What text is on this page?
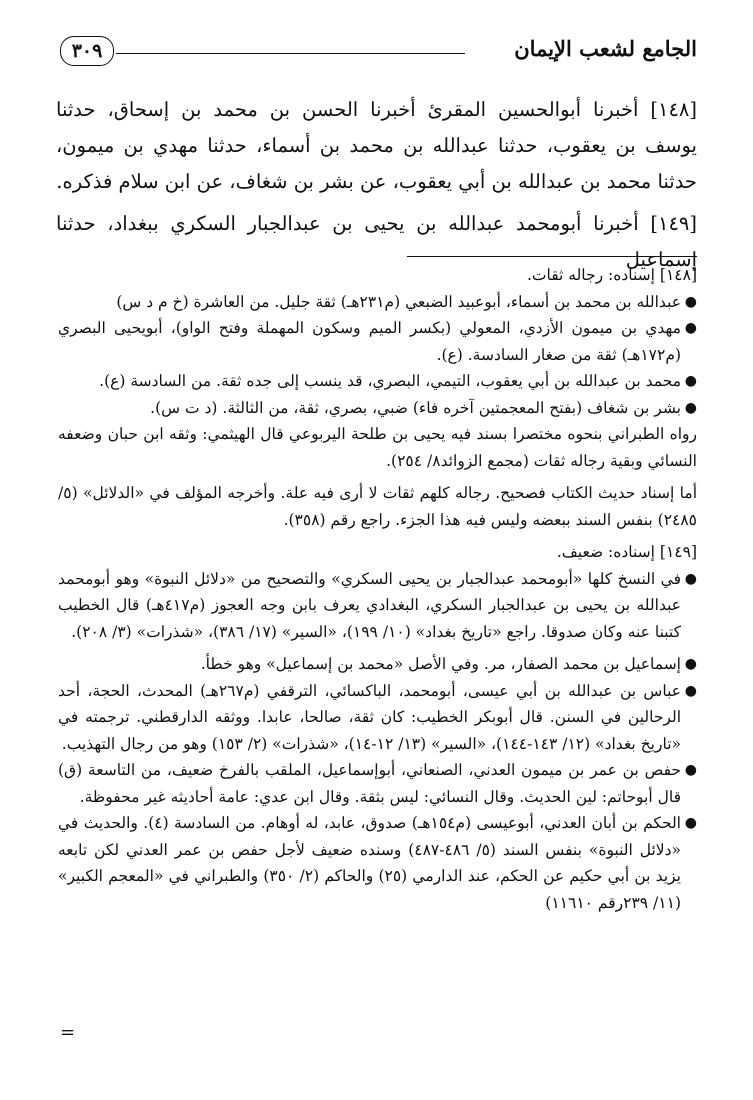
الجامع لشعب الإيمان
٣٠٩

[١٤٨] أخبرنا أبوالحسين المقرئ أخبرنا الحسن بن محمد بن إسحاق، حدثنا يوسف بن يعقوب، حدثنا عبدالله بن محمد بن أسماء، حدثنا مهدي بن ميمون، حدثنا محمد بن عبدالله بن أبي يعقوب، عن بشر بن شغاف، عن ابن سلام فذكره.

[١٤٩] أخبرنا أبومحمد عبدالله بن يحيى بن عبدالجبار السكري ببغداد، حدثنا إسماعيل

[١٤٨] إسناده: رجاله ثقات.

●
عبدالله بن محمد بن أسماء، أبوعبيد الضبعي (م٢٣١هـ) ثقة جليل. من العاشرة (خ م د س)
●
مهدي بن ميمون الأزدي، المعولي (بكسر الميم وسكون المهملة وفتح الواو)، أبويحيى البصري (م١٧٢هـ) ثقة من صغار السادسة. (ع).
●
محمد بن عبدالله بن أبي يعقوب، التيمي، البصري، قد ينسب إلى جده ثقة. من السادسة (ع).
●
بشر بن شغاف (بفتح المعجمتين آخره فاء) ضبي، بصري، ثقة، من الثالثة. (د ت س).

رواه الطبراني بنحوه مختصرا بسند فيه يحيى بن طلحة اليربوعي قال الهيثمي: وثقه ابن حبان وضعفه النسائي وبقية رجاله ثقات (مجمع الزوائد٨/ ٢٥٤).

أما إسناد حديث الكتاب فصحيح. رجاله كلهم ثقات لا أرى فيه علة. وأخرجه المؤلف في «الدلائل» (٥/ ٢٤٨٥) بنفس السند ببعضه وليس فيه هذا الجزء. راجع رقم (٣٥٨).

[١٤٩] إسناده: ضعيف.

●
في النسخ كلها «أبومحمد عبدالجبار بن يحيى السكري» والتصحيح من «دلائل النبوة» وهو أبومحمد عبدالله بن يحيى بن عبدالجبار السكري، البغدادي يعرف بابن وجه العجوز (م٤١٧هـ) قال الخطيب كتبنا عنه وكان صدوقا. راجع «تاريخ بغداد» (١٠/ ١٩٩)، «السير» (١٧/ ٣٨٦)، «شذرات» (٣/ ٢٠٨).
●
إسماعيل بن محمد الصفار، مر. وفي الأصل «محمد بن إسماعيل» وهو خطأ.
●
عباس بن عبدالله بن أبي عيسى، أبومحمد، الباكسائي، الترقفي (م٢٦٧هـ) المحدث، الحجة، أحد الرحالين في السنن. قال أبوبكر الخطيب: كان ثقة، صالحا، عابدا. ووثقه الدارقطني. ترجمته في «تاريخ بغداد» (١٢/ ١٤٣-١٤٤)، «السير» (١٣/ ١٢-١٤)، «شذرات» (٢/ ١٥٣) وهو من رجال التهذيب.
●
حفص بن عمر بن ميمون العدني، الصنعاني، أبوإسماعيل، الملقب بالفرخ ضعيف، من التاسعة (ق) قال أبوحاتم: لين الحديث. وقال النسائي: ليس بثقة. وقال ابن عدي: عامة أحاديثه غير محفوظة.
●
الحكم بن أبان العدني، أبوعيسى (م١٥٤هـ) صدوق، عابد، له أوهام. من السادسة (٤). والحديث في «دلائل النبوة» بنفس السند (٥/ ٤٨٦-٤٨٧) وسنده ضعيف لأجل حفص بن عمر العدني لكن تابعه يزيد بن أبي حكيم عن الحكم، عند الدارمي (٢٥) والحاكم (٢/ ٣٥٠) والطبراني في «المعجم الكبير» (١١/ ٢٣٩رقم ١١٦١٠)
=
